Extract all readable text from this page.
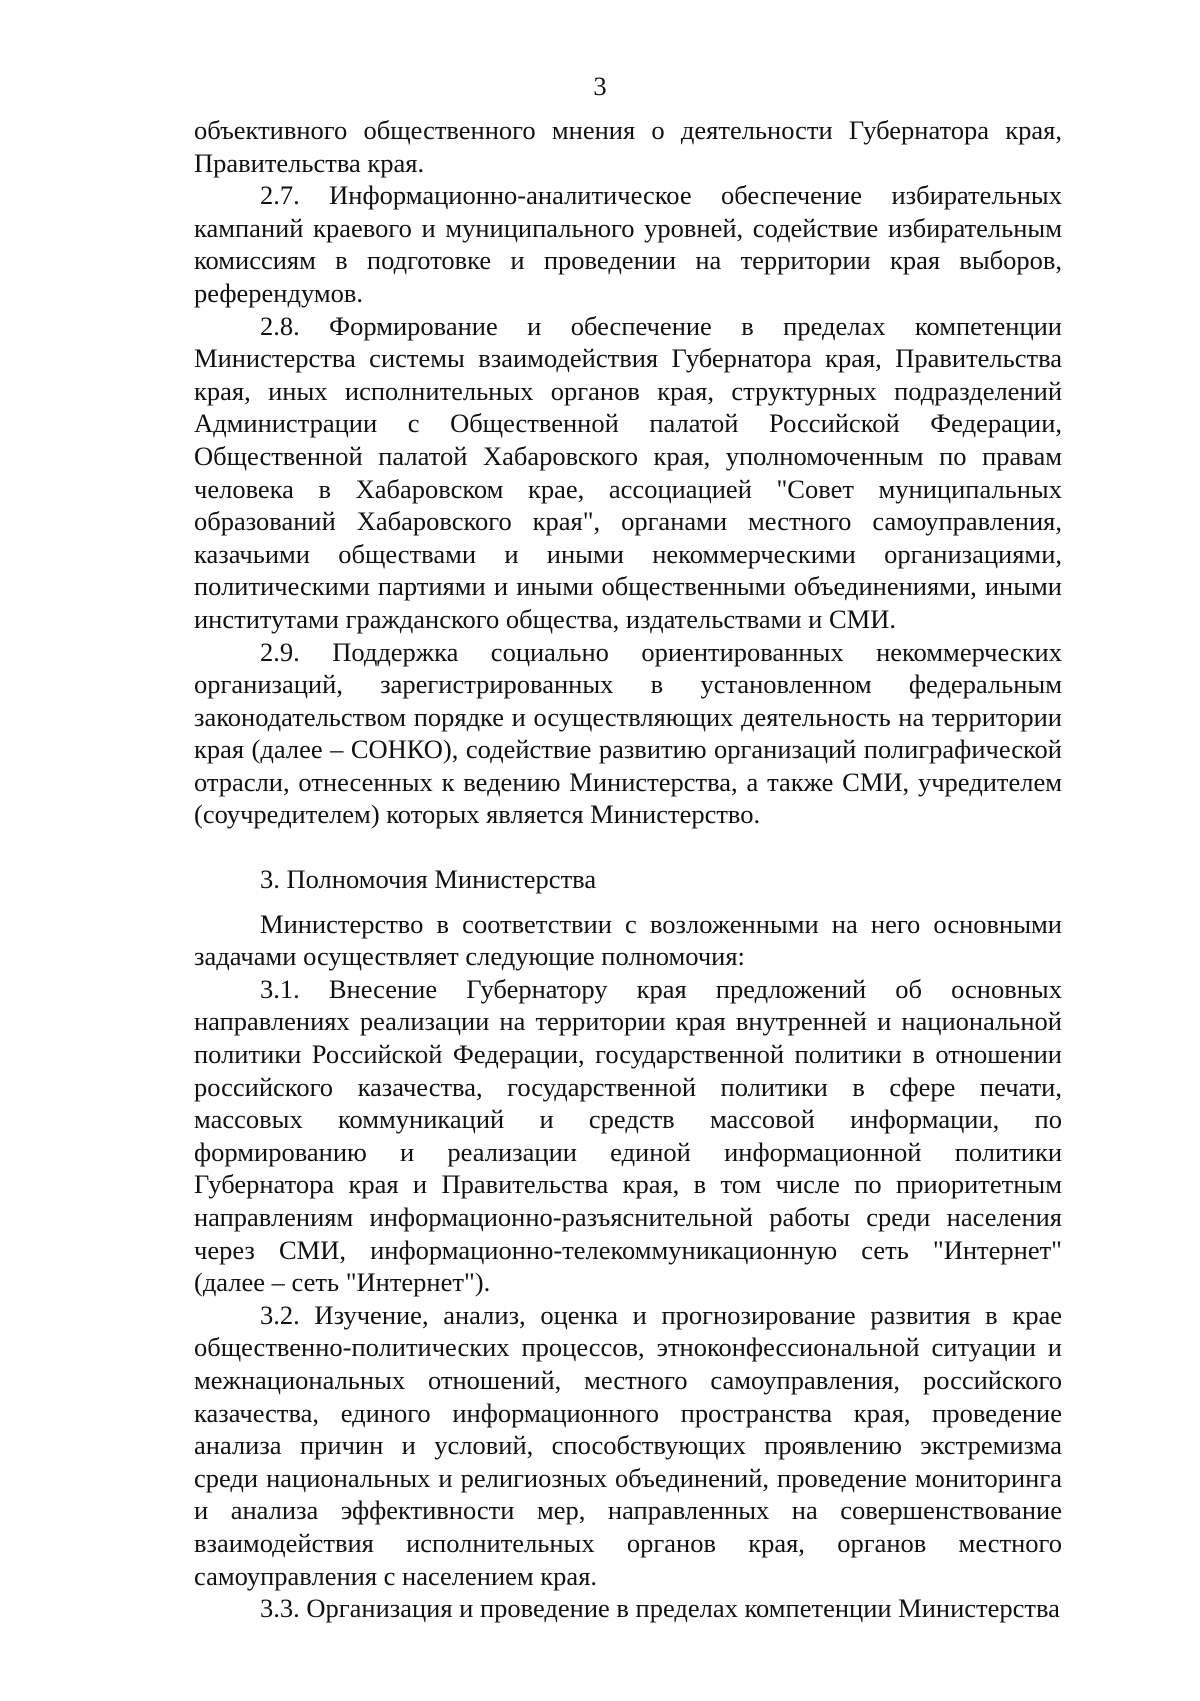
3

объективного общественного мнения о деятельности Губернатора края, Правительства края.

2.7. Информационно-аналитическое обеспечение избирательных кампаний краевого и муниципального уровней, содействие избирательным комиссиям в подготовке и проведении на территории края выборов, референдумов.

2.8. Формирование и обеспечение в пределах компетенции Министерства системы взаимодействия Губернатора края, Правительства края, иных исполнительных органов края, структурных подразделений Администрации с Общественной палатой Российской Федерации, Общественной палатой Хабаровского края, уполномоченным по правам человека в Хабаровском крае, ассоциацией "Совет муниципальных образований Хабаровского края", органами местного самоуправления, казачьими обществами и иными некоммерческими организациями, политическими партиями и иными общественными объединениями, иными институтами гражданского общества, издательствами и СМИ.

2.9. Поддержка социально ориентированных некоммерческих организаций, зарегистрированных в установленном федеральным законодательством порядке и осуществляющих деятельность на территории края (далее – СОНКО), содействие развитию организаций полиграфической отрасли, отнесенных к ведению Министерства, а также СМИ, учредителем (соучредителем) которых является Министерство.

3. Полномочия Министерства

Министерство в соответствии с возложенными на него основными задачами осуществляет следующие полномочия:

3.1. Внесение Губернатору края предложений об основных направлениях реализации на территории края внутренней и национальной политики Российской Федерации, государственной политики в отношении российского казачества, государственной политики в сфере печати, массовых коммуникаций и средств массовой информации, по формированию и реализации единой информационной политики Губернатора края и Правительства края, в том числе по приоритетным направлениям информационно-разъяснительной работы среди населения через СМИ, информационно-телекоммуникационную сеть "Интернет" (далее – сеть "Интернет").

3.2. Изучение, анализ, оценка и прогнозирование развития в крае общественно-политических процессов, этноконфессиональной ситуации и межнациональных отношений, местного самоуправления, российского казачества, единого информационного пространства края, проведение анализа причин и условий, способствующих проявлению экстремизма среди национальных и религиозных объединений, проведение мониторинга и анализа эффективности мер, направленных на совершенствование взаимодействия исполнительных органов края, органов местного самоуправления с населением края.

3.3. Организация и проведение в пределах компетенции Министерства
